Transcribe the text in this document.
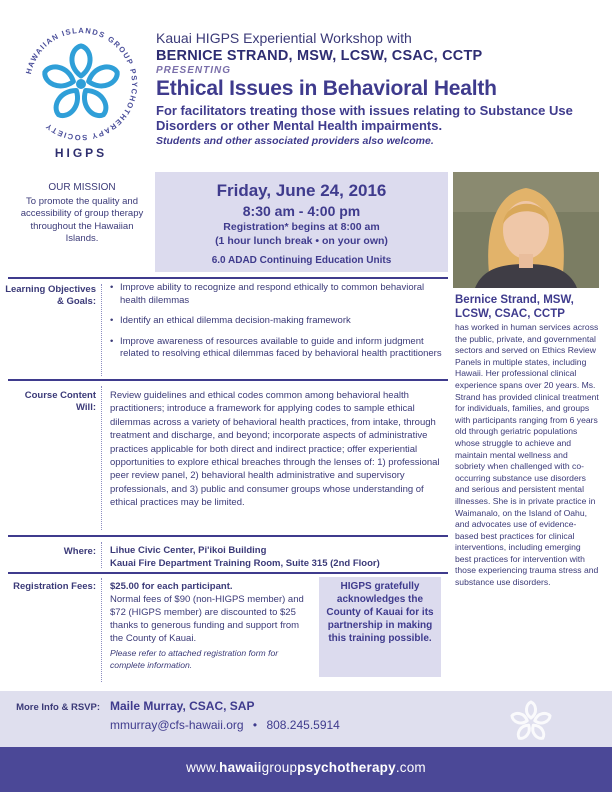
HAWAIIAN ISLANDS GROUP PSYCHOTHERAPY SOCIETY
HIGPS
Kauai HIGPS Experiential Workshop with
BERNICE STRAND, MSW, LCSW, CSAC, CCTP
PRESENTING
Ethical Issues in Behavioral Health
For facilitators treating those with issues relating to Substance Use Disorders or other Mental Health impairments.
Students and other associated providers also welcome.
OUR MISSION
To promote the quality and accessibility of group therapy throughout the Hawaiian Islands.
Friday, June 24, 2016
8:30 am - 4:00 pm
Registration* begins at 8:00 am
(1 hour lunch break • on your own)
6.0 ADAD Continuing Education Units
Bernice Strand, MSW, LCSW, CSAC, CCTP
has worked in human services across the public, private, and governmental sectors and served on Ethics Review Panels in multiple states, including Hawaii. Her professional clinical experience spans over 20 years. Ms. Strand has provided clinical treatment for individuals, families, and groups with participants ranging from 6 years old through geriatric populations whose struggle to achieve and maintain mental wellness and sobriety when challenged with co-occurring substance use disorders and serious and persistent mental illnesses. She is in private practice in Waimanalo, on the Island of Oahu, and advocates use of evidence-based best practices for clinical interventions, including emerging best practices for intervention with those experiencing trauma stress and substance use disorders.
Learning Objectives & Goals:
• Improve ability to recognize and respond ethically to common behavioral health dilemmas
• Identify an ethical dilemma decision-making framework
• Improve awareness of resources available to guide and inform judgment related to resolving ethical dilemmas faced by behavioral health practitioners
Course Content Will:
Review guidelines and ethical codes common among behavioral health practitioners; introduce a framework for applying codes to sample ethical dilemmas across a variety of behavioral health practices, from intake, through treatment and discharge, and beyond; incorporate aspects of administrative practices applicable for both direct and indirect practice; offer experiential opportunities to explore ethical breaches through the lenses of: 1) professional peer review panel, 2) behavioral health administrative and supervisory professionals, and 3) public and consumer groups whose understanding of ethical practices may be limited.
Where: Lihue Civic Center, Pi'ikoi Building
Kauai Fire Department Training Room, Suite 315 (2nd Floor)
Registration Fees: $25.00 for each participant.
Normal fees of $90 (non-HIGPS member) and $72 (HIGPS member) are discounted to $25 thanks to generous funding and support from the County of Kauai.
Please refer to attached registration form for complete information.
HIGPS gratefully acknowledges the County of Kauai for its partnership in making this training possible.
More Info & RSVP: Maile Murray, CSAC, SAP
mmurray@cfs-hawaii.org • 808.245.5914
www.hawaiigrouppsychotherapy.com
